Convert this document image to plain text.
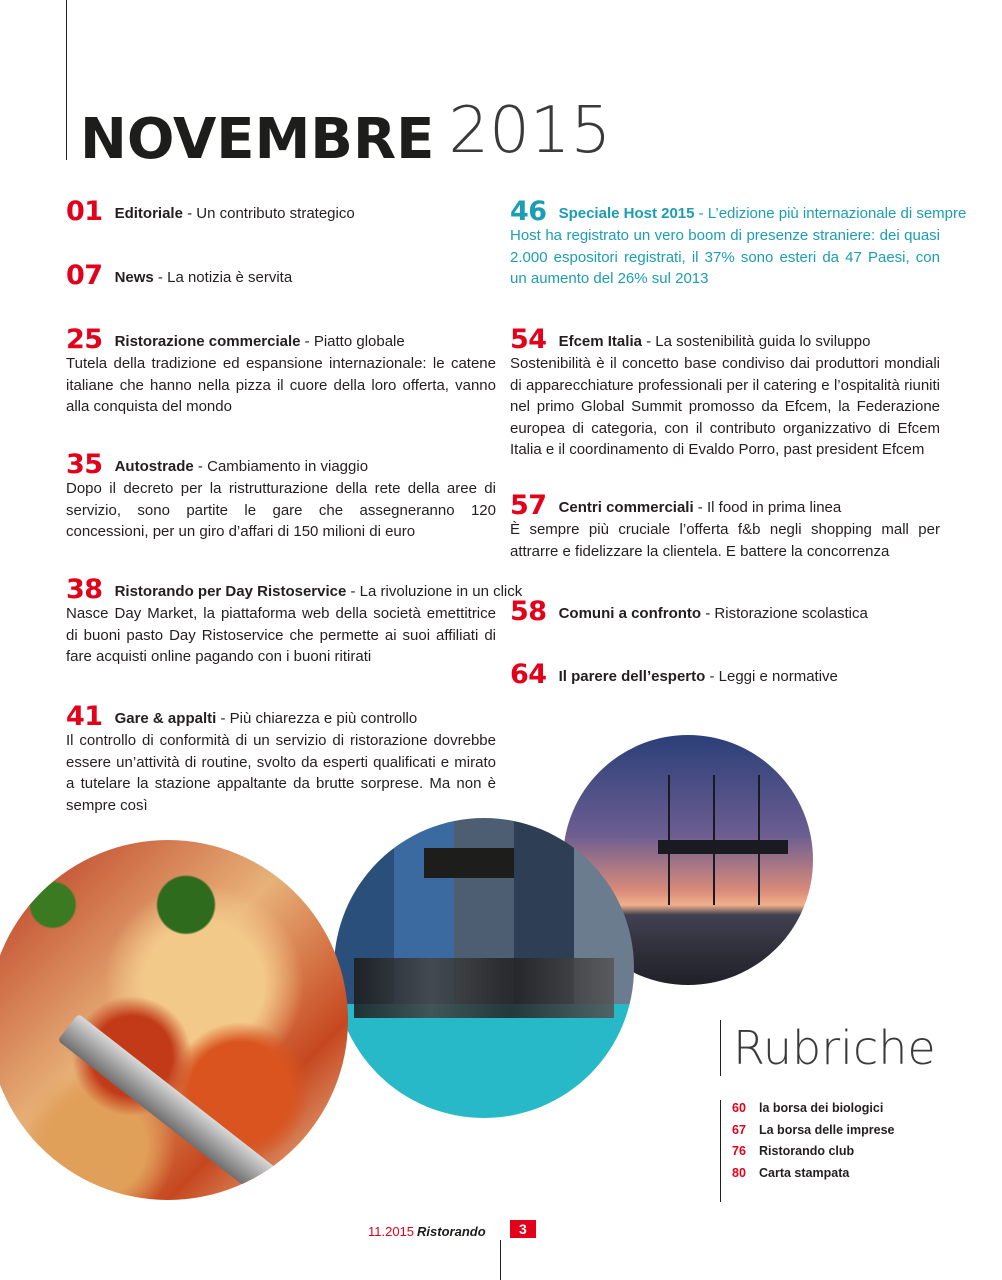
NOVEMBRE 2015
01 Editoriale - Un contributo strategico
07 News - La notizia è servita
25 Ristorazione commerciale - Piatto globale
Tutela della tradizione ed espansione internazionale: le catene italiane che hanno nella pizza il cuore della loro offerta, vanno alla conquista del mondo
35 Autostrade - Cambiamento in viaggio
Dopo il decreto per la ristrutturazione della rete della aree di servizio, sono partite le gare che assegneranno 120 concessioni, per un giro d’affari di 150 milioni di euro
38 Ristorando per Day Ristoservice - La rivoluzione in un click
Nasce Day Market, la piattaforma web della società emettitrice di buoni pasto Day Ristoservice che permette ai suoi affiliati di fare acquisti online pagando con i buoni ritirati
41 Gare & appalti - Più chiarezza e più controllo
Il controllo di conformità di un servizio di ristorazione dovrebbe essere un’attività di routine, svolto da esperti qualificati e mirato a tutelare la stazione appaltante da brutte sorprese. Ma non è sempre così
46 Speciale Host 2015 - L’edizione più internazionale di sempre
Host ha registrato un vero boom di presenze straniere: dei quasi 2.000 espositori registrati, il 37% sono esteri da 47 Paesi, con un aumento del 26% sul 2013
54 Efcem Italia - La sostenibilità guida lo sviluppo
Sostenibilità è il concetto base condiviso dai produttori mondiali di apparecchiature professionali per il catering e l’ospitalità riuniti nel primo Global Summit promosso da Efcem, la Federazione europea di categoria, con il contributo organizzativo di Efcem Italia e il coordinamento di Evaldo Porro, past president Efcem
57 Centri commerciali - Il food in prima linea
È sempre più cruciale l’offerta f&b negli shopping mall per attrarre e fidelizzare la clientela. E battere la concorrenza
58 Comuni a confronto - Ristorazione scolastica
64 Il parere dell’esperto - Leggi e normative
Rubriche
60 la borsa dei biologici
67 La borsa delle imprese
76 Ristorando club
80 Carta stampata
11.2015 Ristorando	3
